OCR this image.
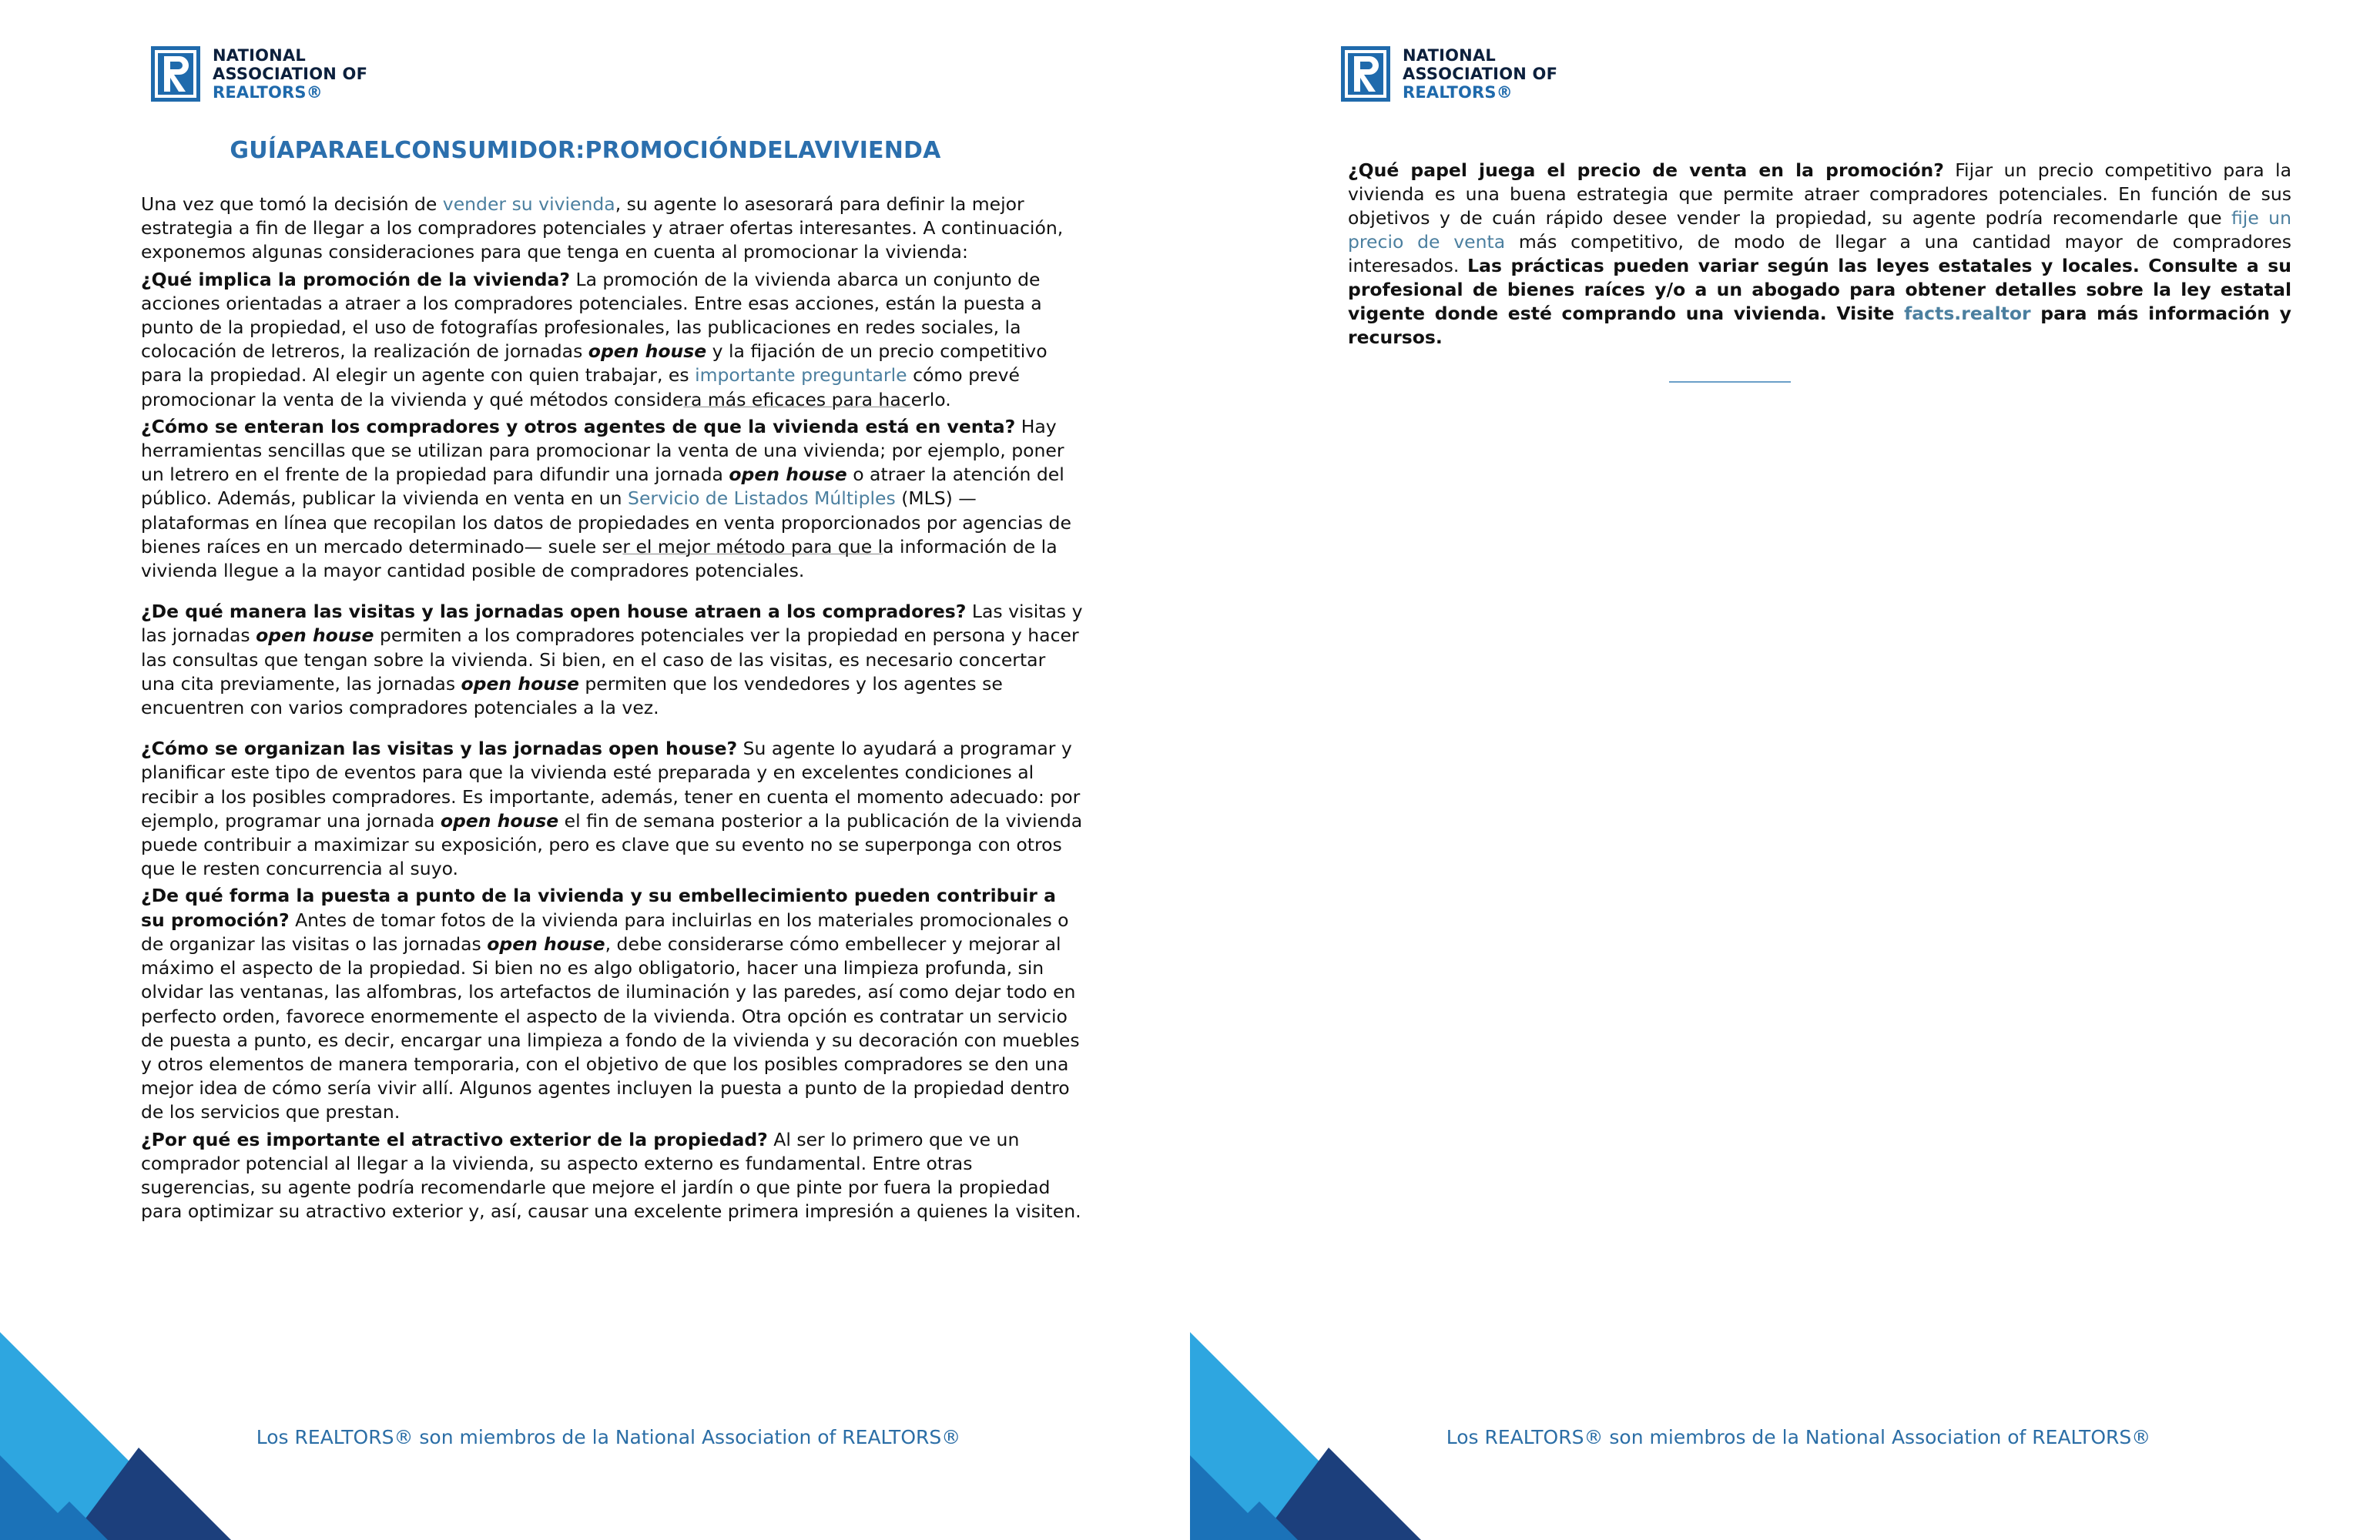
NATIONAL
ASSOCIATION OF
REALTORS®
GUÍAPARAELCONSUMIDOR:PROMOCIÓNDELAVIVIENDA

Una vez que tomó la decisión de vender su vivienda, su agente lo asesorará para definir la mejor estrategia a fin de llegar a los compradores potenciales y atraer ofertas interesantes. A continuación, exponemos algunas consideraciones para que tenga en cuenta al promocionar la vivienda:

¿Qué implica la promoción de la vivienda? La promoción de la vivienda abarca un conjunto de acciones orientadas a atraer a los compradores potenciales. Entre esas acciones, están la puesta a punto de la propiedad, el uso de fotografías profesionales, las publicaciones en redes sociales, la colocación de letreros, la realización de jornadas open house y la fijación de un precio competitivo para la propiedad. Al elegir un agente con quien trabajar, es importante preguntarle cómo prevé promocionar la venta de la vivienda y qué métodos considera más eficaces para hacerlo.

¿Cómo se enteran los compradores y otros agentes de que la vivienda está en venta? Hay herramientas sencillas que se utilizan para promocionar la venta de una vivienda; por ejemplo, poner un letrero en el frente de la propiedad para difundir una jornada open house o atraer la atención del público. Además, publicar la vivienda en venta en un Servicio de Listados Múltiples (MLS) —plataformas en línea que recopilan los datos de propiedades en venta proporcionados por agencias de bienes raíces en un mercado determinado— suele ser el mejor método para que la información de la vivienda llegue a la mayor cantidad posible de compradores potenciales.

¿De qué manera las visitas y las jornadas open house atraen a los compradores? Las visitas y las jornadas open house permiten a los compradores potenciales ver la propiedad en persona y hacer las consultas que tengan sobre la vivienda. Si bien, en el caso de las visitas, es necesario concertar una cita previamente, las jornadas open house permiten que los vendedores y los agentes se encuentren con varios compradores potenciales a la vez.

¿Cómo se organizan las visitas y las jornadas open house? Su agente lo ayudará a programar y planificar este tipo de eventos para que la vivienda esté preparada y en excelentes condiciones al recibir a los posibles compradores. Es importante, además, tener en cuenta el momento adecuado: por ejemplo, programar una jornada open house el fin de semana posterior a la publicación de la vivienda puede contribuir a maximizar su exposición, pero es clave que su evento no se superponga con otros que le resten concurrencia al suyo.

¿De qué forma la puesta a punto de la vivienda y su embellecimiento pueden contribuir a su promoción? Antes de tomar fotos de la vivienda para incluirlas en los materiales promocionales o de organizar las visitas o las jornadas open house, debe considerarse cómo embellecer y mejorar al máximo el aspecto de la propiedad. Si bien no es algo obligatorio, hacer una limpieza profunda, sin olvidar las ventanas, las alfombras, los artefactos de iluminación y las paredes, así como dejar todo en perfecto orden, favorece enormemente el aspecto de la vivienda. Otra opción es contratar un servicio de puesta a punto, es decir, encargar una limpieza a fondo de la vivienda y su decoración con muebles y otros elementos de manera temporaria, con el objetivo de que los posibles compradores se den una mejor idea de cómo sería vivir allí. Algunos agentes incluyen la puesta a punto de la propiedad dentro de los servicios que prestan.

¿Por qué es importante el atractivo exterior de la propiedad? Al ser lo primero que ve un comprador potencial al llegar a la vivienda, su aspecto externo es fundamental. Entre otras sugerencias, su agente podría recomendarle que mejore el jardín o que pinte por fuera la propiedad para optimizar su atractivo exterior y, así, causar una excelente primera impresión a quienes la visiten.

Los REALTORS® son miembros de la National Association of REALTORS®
NATIONAL
ASSOCIATION OF
REALTORS®

¿Qué papel juega el precio de venta en la promoción? Fijar un precio competitivo para la vivienda es una buena estrategia que permite atraer compradores potenciales. En función de sus objetivos y de cuán rápido desee vender la propiedad, su agente podría recomendarle que fije un precio de venta más competitivo, de modo de llegar a una cantidad mayor de compradores interesados. Las prácticas pueden variar según las leyes estatales y locales. Consulte a su profesional de bienes raíces y/o a un abogado para obtener detalles sobre la ley estatal vigente donde esté comprando una vivienda. Visite facts.realtor para más información y recursos.

Los REALTORS® son miembros de la National Association of REALTORS®
